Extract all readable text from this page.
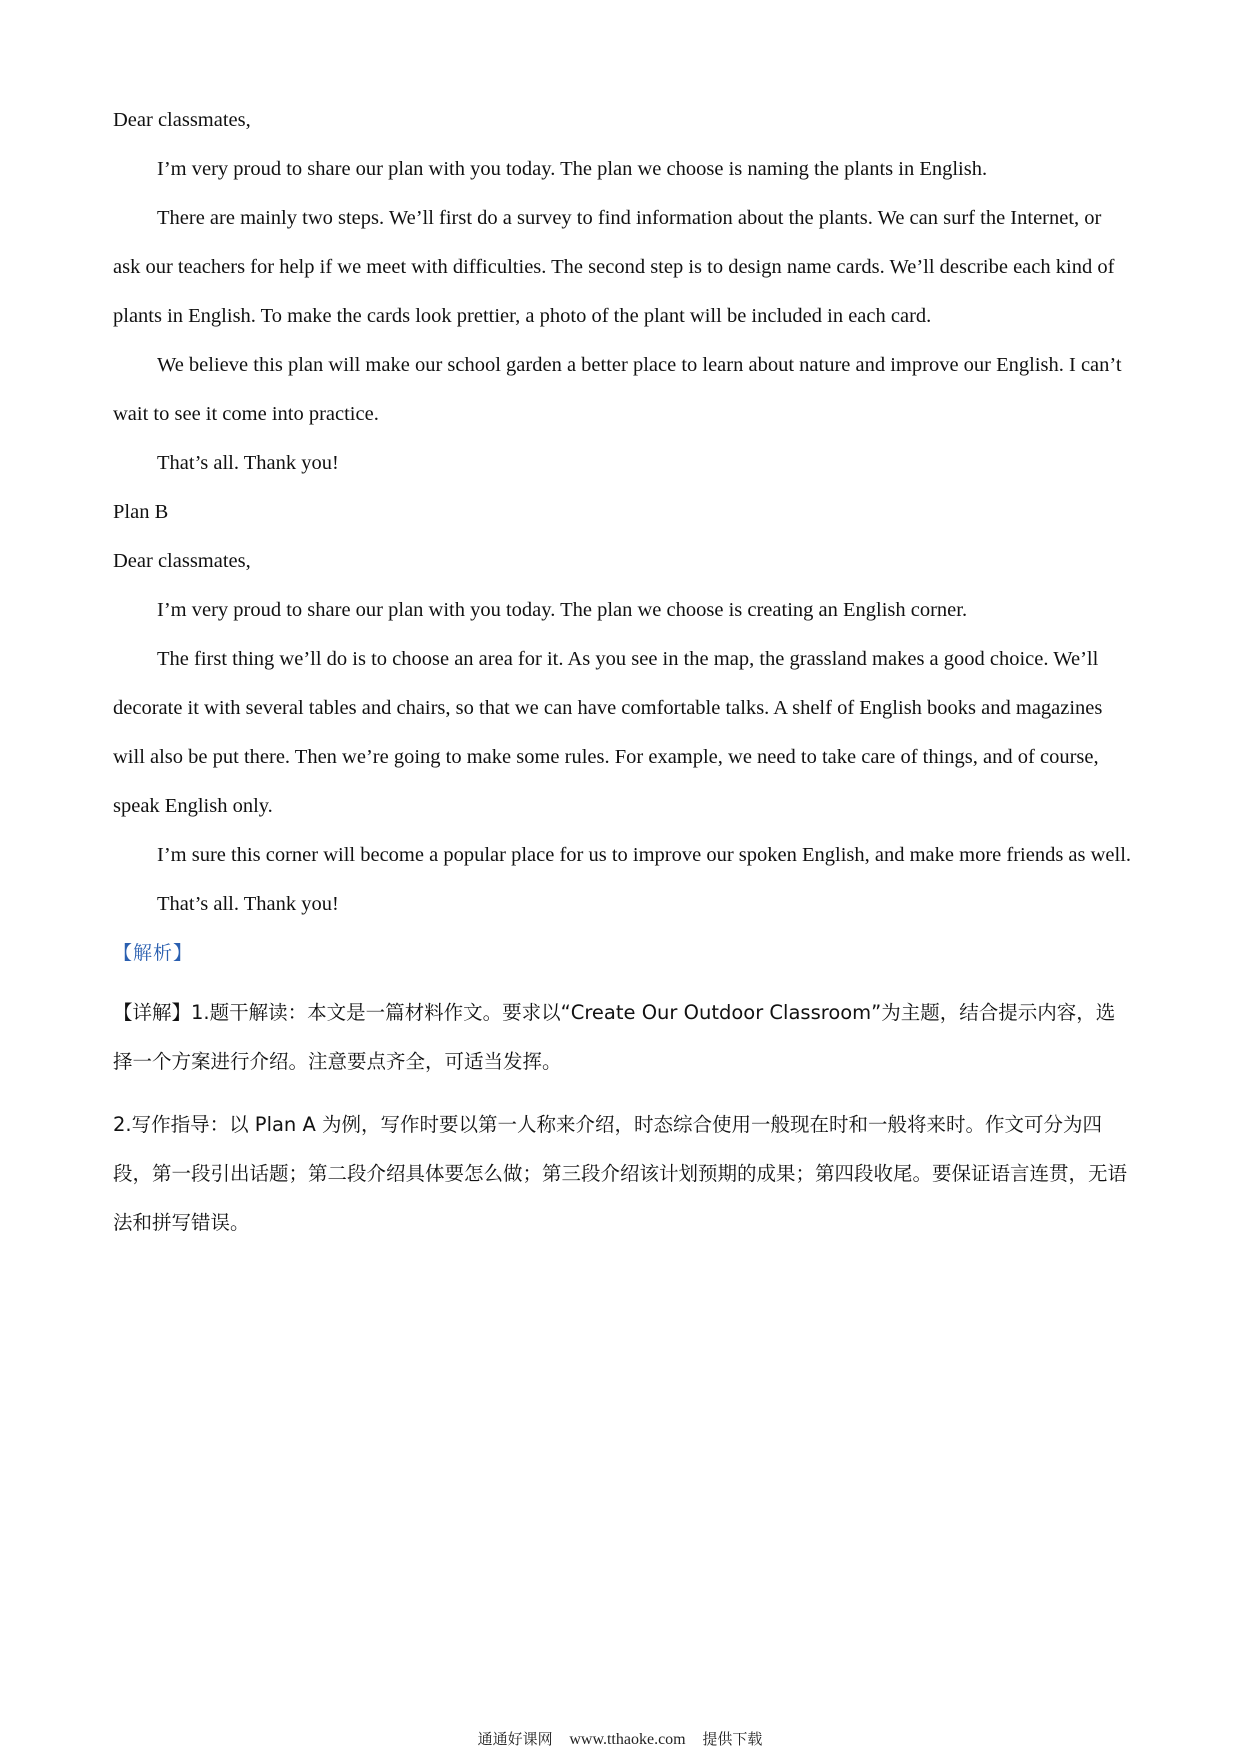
Dear classmates,

I’m very proud to share our plan with you today. The plan we choose is naming the plants in English.

There are mainly two steps. We’ll first do a survey to find information about the plants. We can surf the Internet, or ask our teachers for help if we meet with difficulties. The second step is to design name cards. We’ll describe each kind of plants in English. To make the cards look prettier, a photo of the plant will be included in each card.

We believe this plan will make our school garden a better place to learn about nature and improve our English. I can’t wait to see it come into practice.

That’s all. Thank you!

Plan B

Dear classmates,

I’m very proud to share our plan with you today. The plan we choose is creating an English corner.

The first thing we’ll do is to choose an area for it. As you see in the map, the grassland makes a good choice. We’ll decorate it with several tables and chairs, so that we can have comfortable talks. A shelf of English books and magazines will also be put there. Then we’re going to make some rules. For example, we need to take care of things, and of course, speak English only.

I’m sure this corner will become a popular place for us to improve our spoken English, and make more friends as well.

That’s all. Thank you!

【解析】

【详解】1.题干解读：本文是一篇材料作文。要求以“Create Our Outdoor Classroom”为主题，结合提示内容，选择一个方案进行介绍。注意要点齐全，可适当发挥。

2.写作指导：以 Plan A 为例，写作时要以第一人称来介绍，时态综合使用一般现在时和一般将来时。作文可分为四段，第一段引出话题；第二段介绍具体要怎么做；第三段介绍该计划预期的成果；第四段收尾。要保证语言连贯，无语法和拼写错误。

通通好课网 www.tthaoke.com 提供下载
